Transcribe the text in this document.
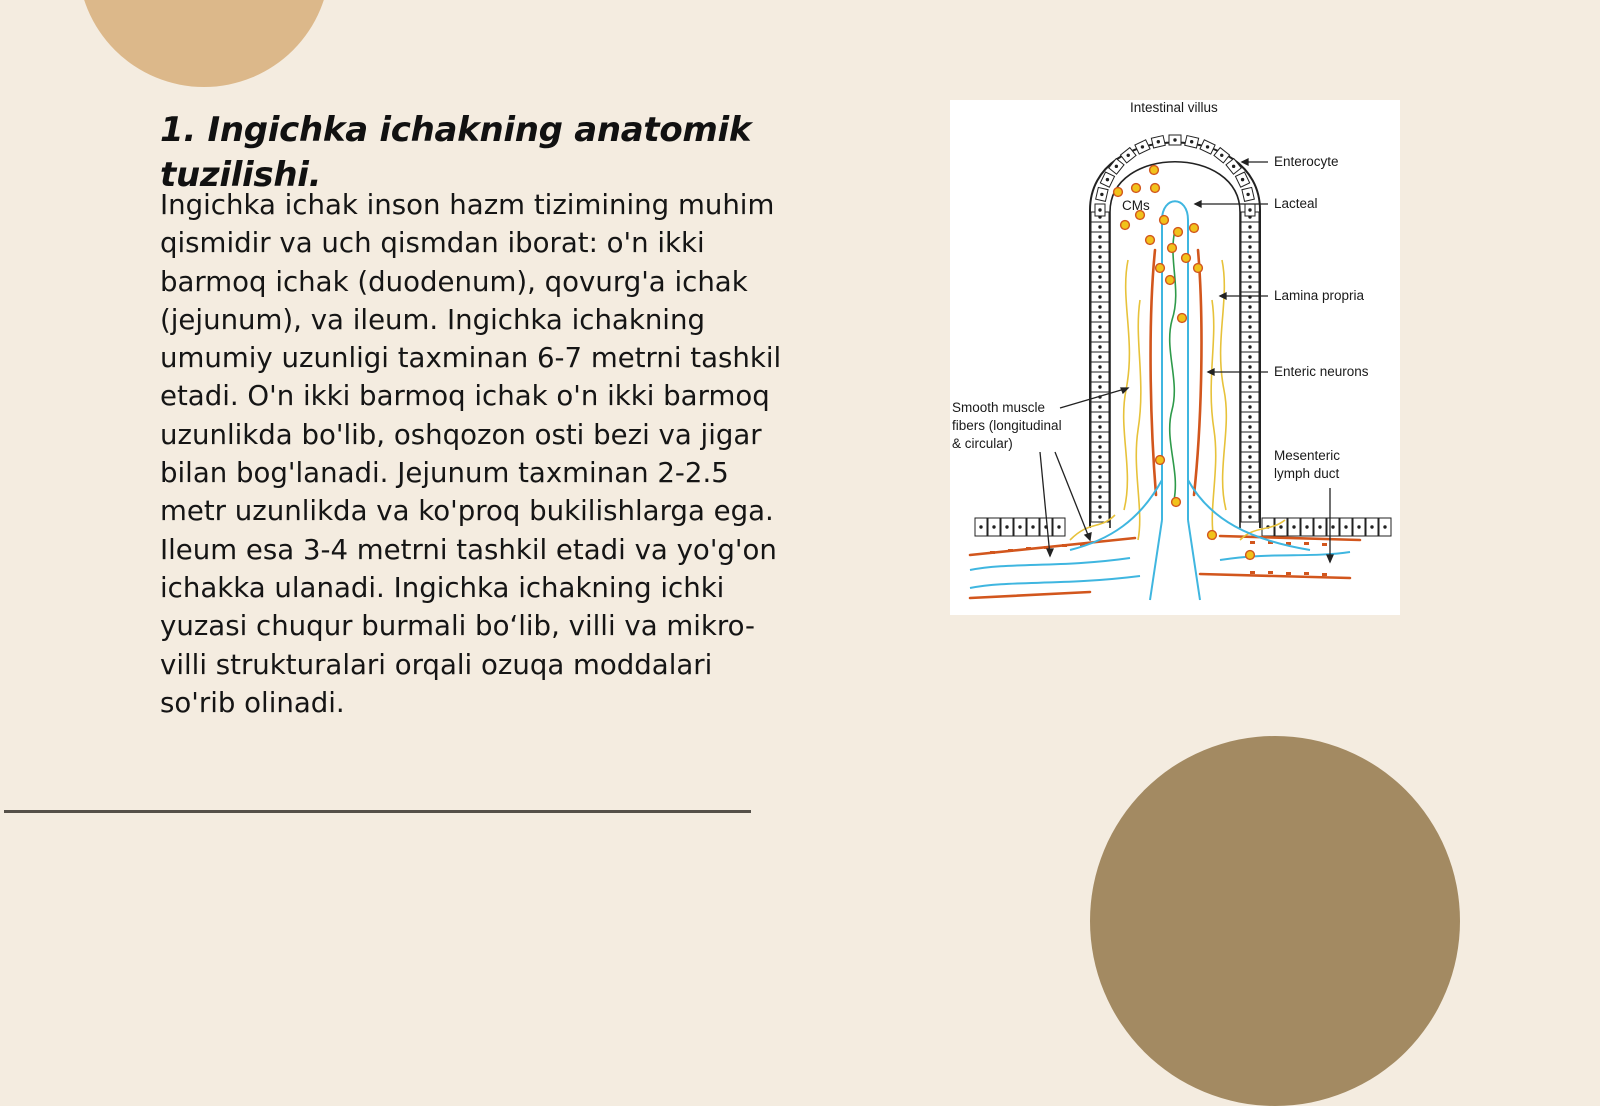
1. Ingichka ichakning anatomik tuzilishi.

Ingichka ichak inson hazm tizimining muhim
qismidir va uch qismdan iborat: o'n ikki
barmoq ichak (duodenum), qovurg'a ichak
(jejunum), va ileum. Ingichka ichakning
umumiy uzunligi taxminan 6-7 metrni tashkil
etadi. O'n ikki barmoq ichak o'n ikki barmoq
uzunlikda bo'lib, oshqozon osti bezi va jigar
bilan bog'lanadi. Jejunum taxminan 2-2.5
metr uzunlikda va ko'proq bukilishlarga ega.
Ileum esa 3-4 metrni tashkil etadi va yo'g'on
ichakka ulanadi. Ingichka ichakning ichki
yuzasi chuqur burmali bo‘lib, villi va mikro-
villi strukturalari orqali ozuqa moddalari
so'rib olinadi.

Intestinal villus
Enterocyte
Lacteal
Lamina propria
Enteric neurons
CMs
Smooth muscle
fibers (longitudinal
& circular)
Mesenteric
lymph duct
